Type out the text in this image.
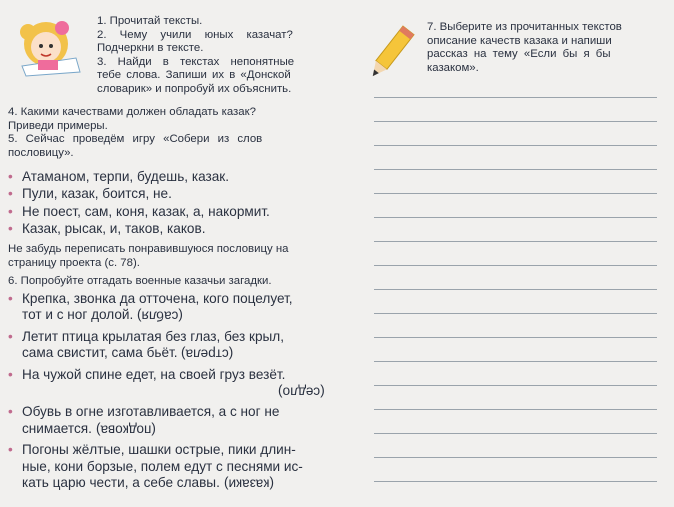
1. Прочитай тексты.
2. Чему учили юных казачат?
Подчеркни в тексте.
3. Найди в текстах непонятные
тебе слова. Запиши их в «Донской
словарик» и попробуй их объяснить.
4. Какими качествами должен обладать казак?
Приведи примеры.
5. Сейчас проведём игру «Собери из слов
пословицу».
• Атаманом, терпи, будешь, казак.
• Пули, казак, боится, не.
• Не поест, сам, коня, казак, а, накормит.
• Казак, рысак, и, таков, каков.
Не забудь переписать понравившуюся пословицу на
страницу проекта (с. 78).
6. Попробуйте отгадать военные казачьи загадки.
• Крепка, звонка да отточена, кого поцелует,
тот и с ног долой. (сабля)
• Летит птица крылатая без глаз, без крыл,
сама свистит, сама бьёт. (стрела)
• На чужой спине едет, на своей груз везёт.
(седло)
• Обувь в огне изготавливается, а с ног не
снимается. (подкова)
• Погоны жёлтые, шашки острые, пики длин-
ные, кони борзые, полем едут с песнями ис-
кать царю чести, а себе славы. (казаки)
7. Выберите из прочитанных текстов
описание качеств казака и напиши
рассказ на тему «Если бы я бы
казаком».
